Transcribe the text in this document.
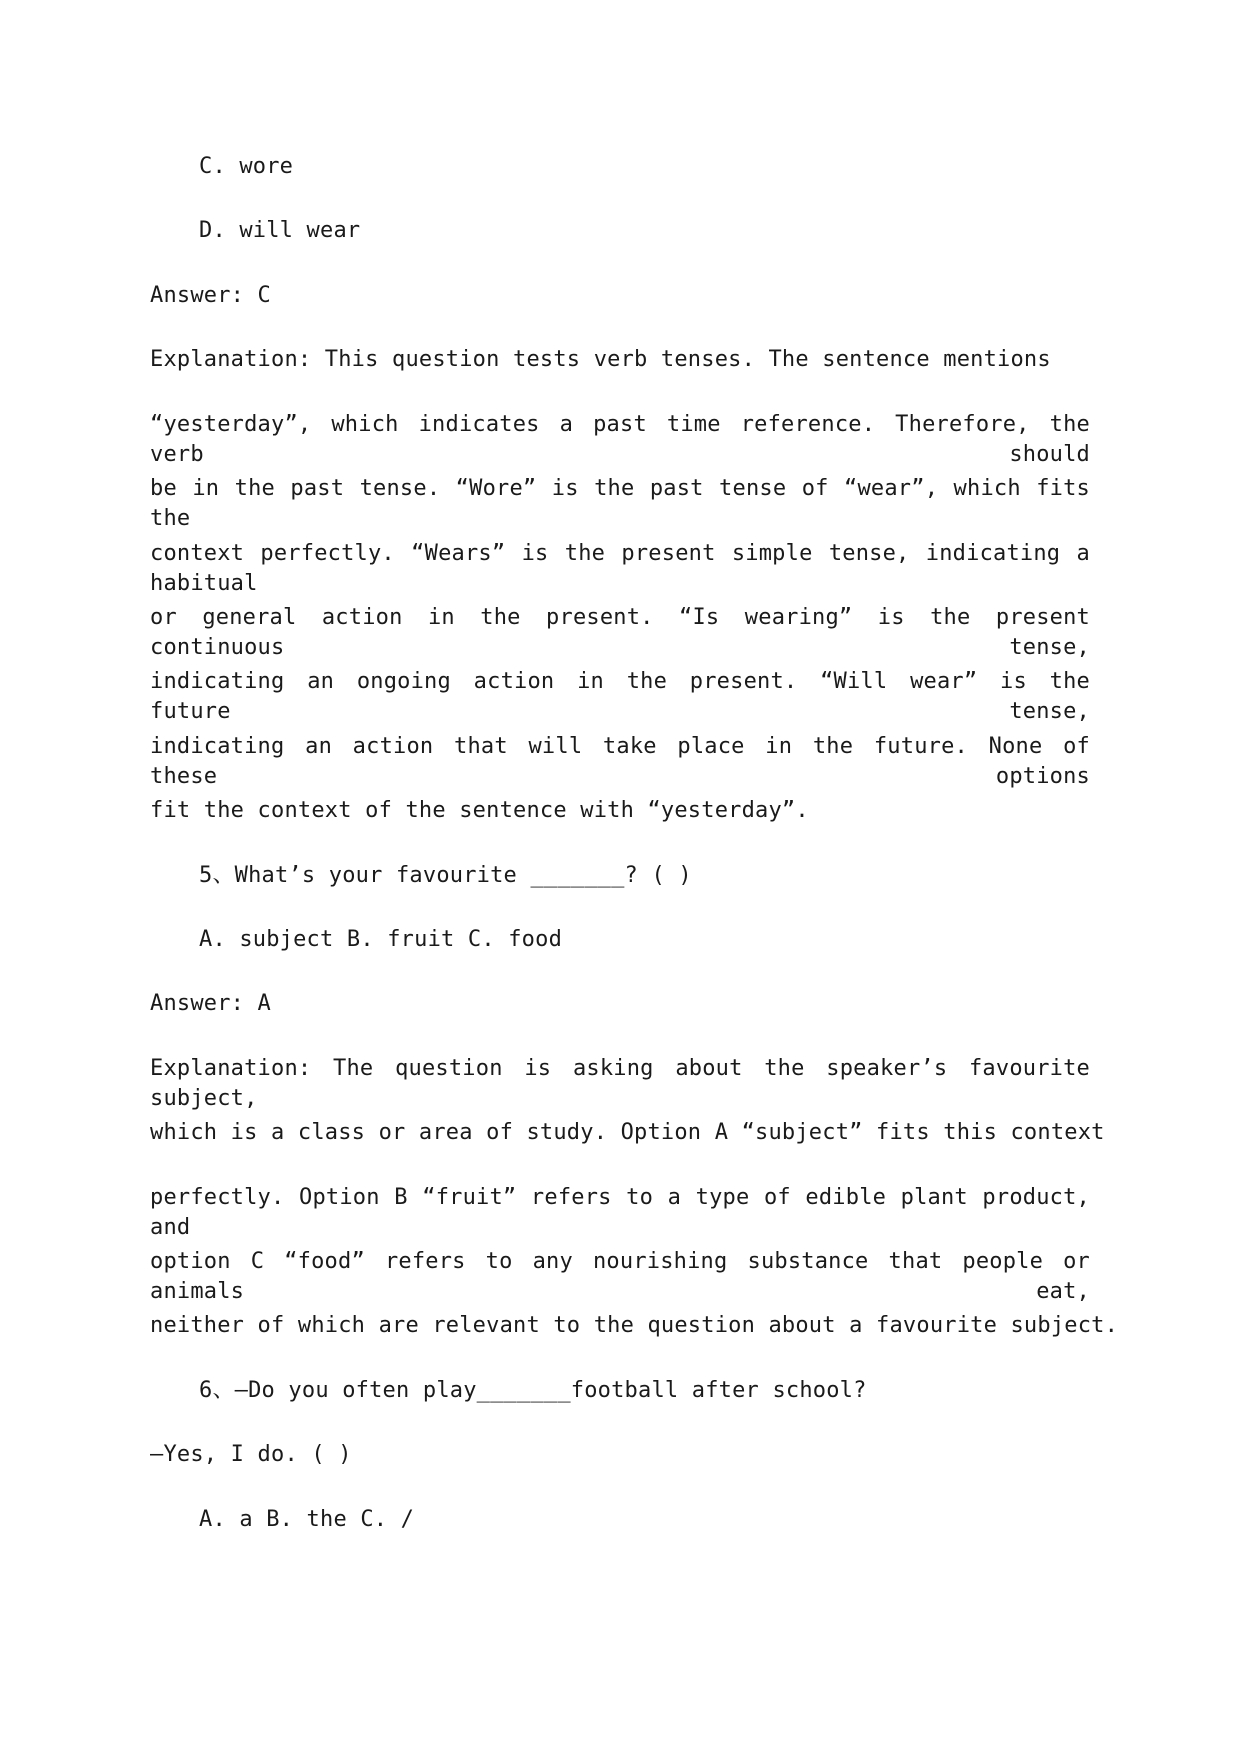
C. wore
D. will wear
Answer: C
Explanation: This question tests verb tenses. The sentence mentions
“yesterday”, which indicates a past time reference. Therefore, the verb should
be in the past tense. “Wore” is the past tense of “wear”, which fits the
context perfectly. “Wears” is the present simple tense, indicating a habitual
or general action in the present. “Is wearing” is the present continuous tense,
indicating an ongoing action in the present. “Will wear” is the future tense,
indicating an action that will take place in the future. None of these options
fit the context of the sentence with “yesterday”.
5、What’s your favourite _______? ( )
A. subject B. fruit C. food
Answer: A
Explanation: The question is asking about the speaker’s favourite subject,
which is a class or area of study. Option A “subject” fits this context
perfectly. Option B “fruit” refers to a type of edible plant product, and
option C “food” refers to any nourishing substance that people or animals eat,
neither of which are relevant to the question about a favourite subject.
6、—Do you often play_______football after school?
—Yes, I do. ( )
A. a B. the C. /
